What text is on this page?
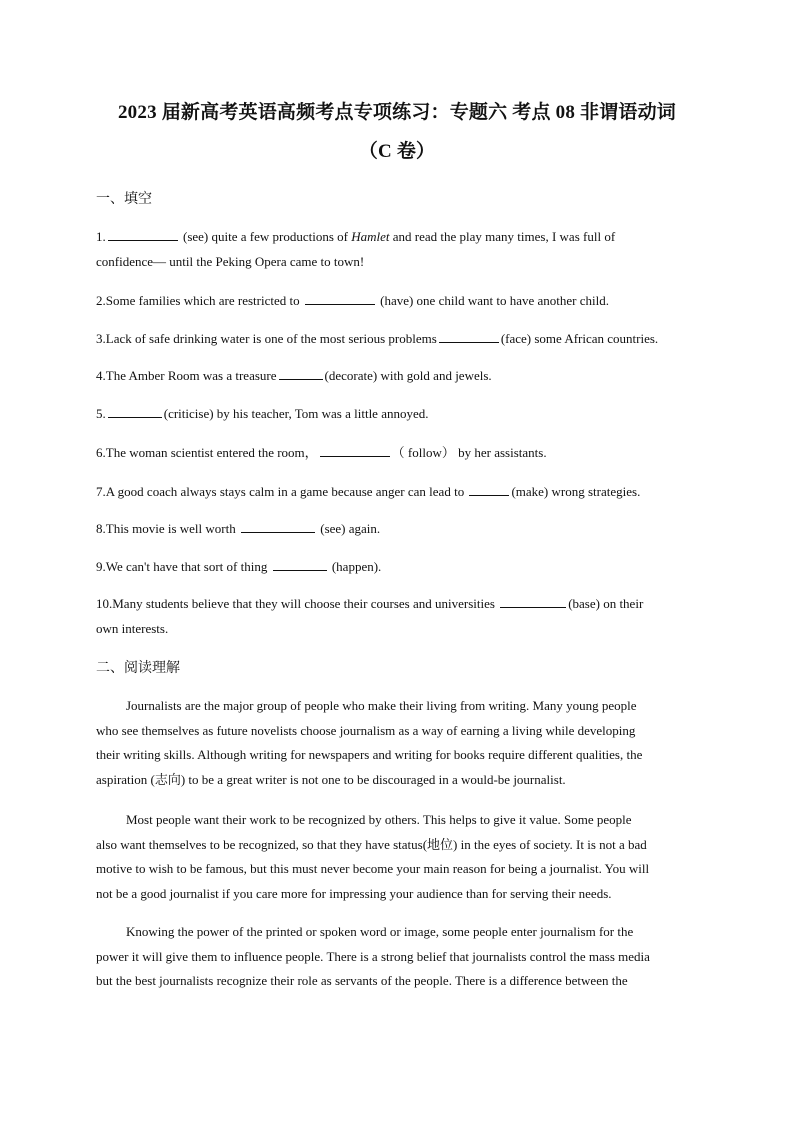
2023 届新高考英语高频考点专项练习：专题六 考点 08 非谓语动词
（C 卷）
一、填空
1.	(see) quite a few productions of Hamlet and read the play many times, I was full of
confidence— until the Peking Opera came to town!
2.Some families which are restricted to	(have) one child want to have another child.
3.Lack of safe drinking water is one of the most serious problems	(face) some African countries.
4.The Amber Room was a treasure	(decorate) with gold and jewels.
5.	(criticise) by his teacher, Tom was a little annoyed.
6.The woman scientist entered the room，	（ follow） by her assistants.
7.A good coach always stays calm in a game because anger can lead to	(make) wrong strategies.
8.This movie is well worth	(see) again.
9.We can't have that sort of thing	(happen).
10.Many students believe that they will choose their courses and universities	(base) on their
own interests.
二、阅读理解
Journalists are the major group of people who make their living from writing. Many young people
who see themselves as future novelists choose journalism as a way of earning a living while developing
their writing skills. Although writing for newspapers and writing for books require different qualities, the
aspiration (志向) to be a great writer is not one to be discouraged in a would-be journalist.
Most people want their work to be recognized by others. This helps to give it value. Some people
also want themselves to be recognized, so that they have status(地位) in the eyes of society. It is not a bad
motive to wish to be famous, but this must never become your main reason for being a journalist. You will
not be a good journalist if you care more for impressing your audience than for serving their needs.
Knowing the power of the printed or spoken word or image, some people enter journalism for the
power it will give them to influence people. There is a strong belief that journalists control the mass media
but the best journalists recognize their role as servants of the people. There is a difference between the
